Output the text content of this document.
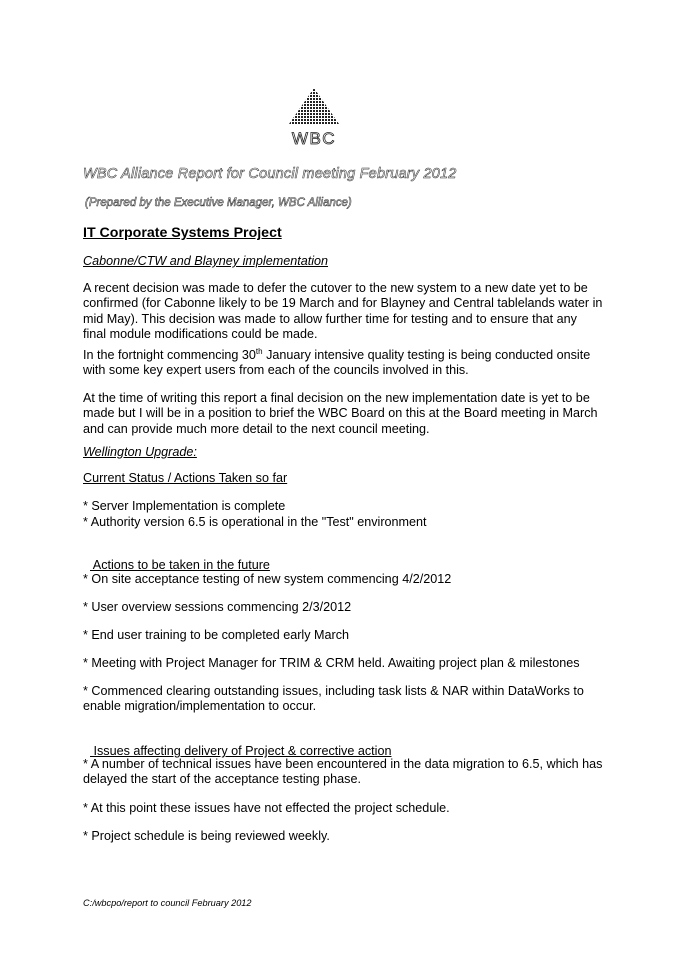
WBC
WBC Alliance Report for Council meeting February 2012
(Prepared by the Executive Manager, WBC Alliance)
IT Corporate Systems Project
Cabonne/CTW and Blayney implementation

A recent decision was made to defer the cutover to the new system to a new date yet to be confirmed (for Cabonne likely to be 19 March and for Blayney and Central tablelands water in mid May). This decision was made to allow further time for testing and to ensure that any final module modifications could be made.

In the fortnight commencing 30th January intensive quality testing is being conducted onsite with some key expert users from each of the councils involved in this.

At the time of writing this report a final decision on the new implementation date is yet to be made but I will be in a position to brief the WBC Board on this at the Board meeting in March and can provide much more detail to the next council meeting.

Wellington Upgrade:
Current Status / Actions Taken so far

* Server Implementation is complete

* Authority version 6.5 is operational in the "Test" environment

Actions to be taken in the future

* On site acceptance testing of new system commencing 4/2/2012

* User overview sessions commencing 2/3/2012

* End user training to be completed early March

* Meeting with Project Manager for TRIM & CRM held. Awaiting project plan & milestones

* Commenced clearing outstanding issues, including task lists & NAR within DataWorks to enable migration/implementation to occur.

Issues affecting delivery of Project & corrective action

* A number of technical issues have been encountered in the data migration to 6.5, which has delayed the start of the acceptance testing phase.

* At this point these issues have not effected the project schedule.

* Project schedule is being reviewed weekly.

C:/wbcpo/report to council February 2012
